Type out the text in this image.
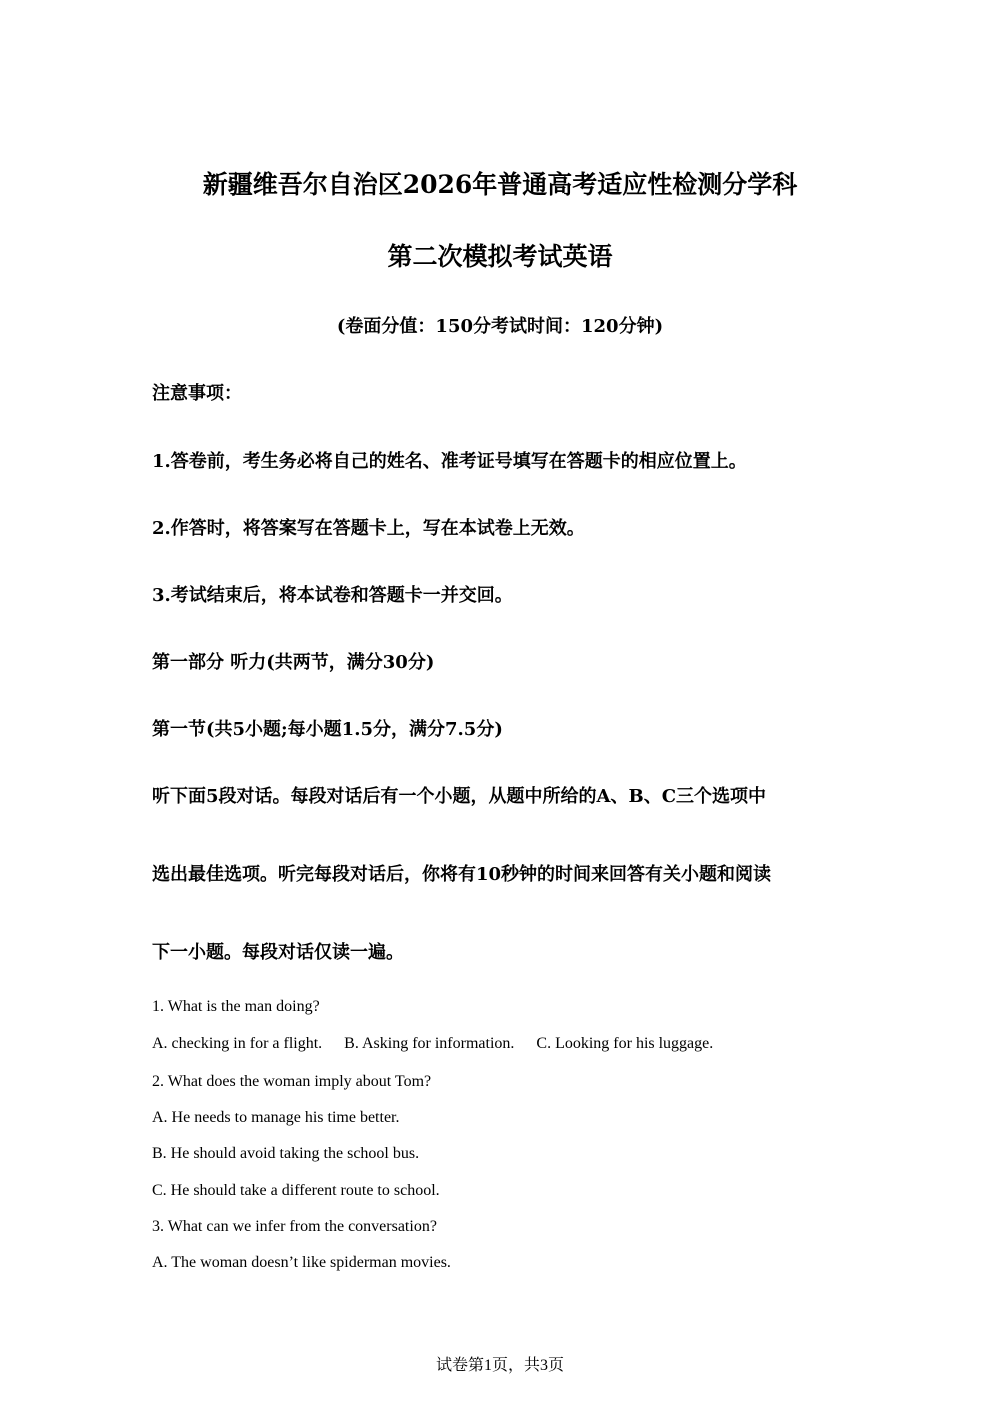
新疆维吾尔自治区2026年普通高考适应性检测分学科
第二次模拟考试英语
(卷面分值：150分考试时间：120分钟)
注意事项：
1.答卷前，考生务必将自己的姓名、准考证号填写在答题卡的相应位置上。
2.作答时，将答案写在答题卡上，写在本试卷上无效。
3.考试结束后，将本试卷和答题卡一并交回。
第一部分 听力(共两节，满分30分)
第一节(共5小题;每小题1.5分，满分7.5分)
听下面5段对话。每段对话后有一个小题，从题中所给的A、B、C三个选项中
选出最佳选项。听完每段对话后，你将有10秒钟的时间来回答有关小题和阅读
下一小题。每段对话仅读一遍。
1. What is the man doing?
A. checking in for a flight. B. Asking for information. C. Looking for his luggage.
2. What does the woman imply about Tom?
A. He needs to manage his time better.
B. He should avoid taking the school bus.
C. He should take a different route to school.
3. What can we infer from the conversation?
A. The woman doesn’t like spiderman movies.
试卷第1页，共3页
